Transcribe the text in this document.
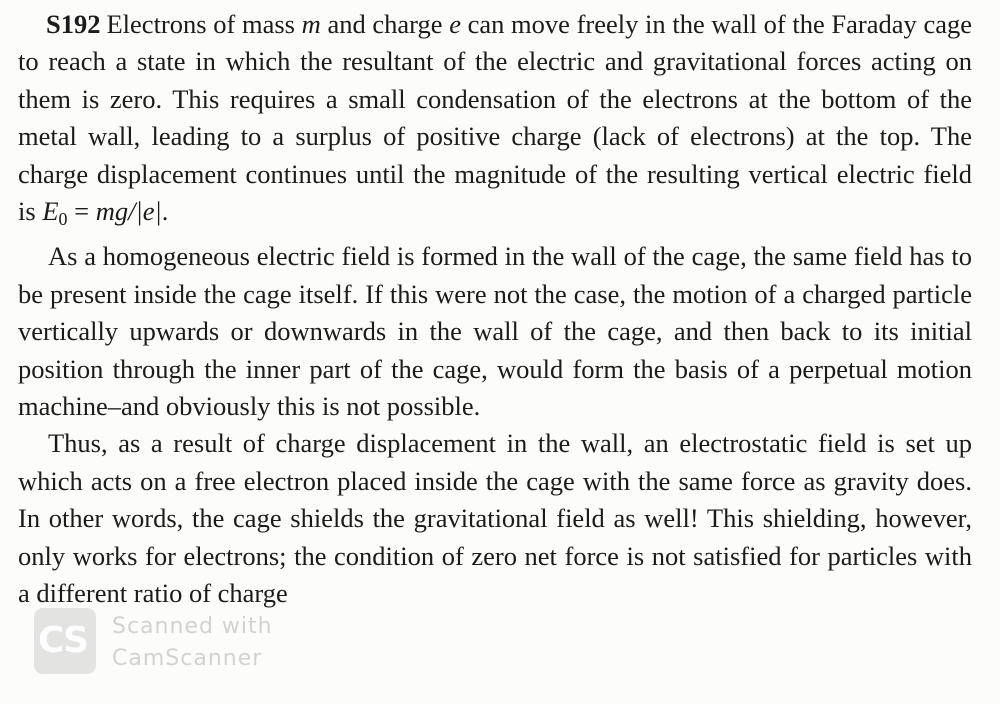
S192 Electrons of mass m and charge e can move freely in the wall of the Faraday cage to reach a state in which the resultant of the electric and gravitational forces acting on them is zero. This requires a small condensation of the electrons at the bottom of the metal wall, leading to a surplus of positive charge (lack of electrons) at the top. The charge displacement continues until the magnitude of the resulting vertical electric field is $E_0 = mg/|e|$.

As a homogeneous electric field is formed in the wall of the cage, the same field has to be present inside the cage itself. If this were not the case, the motion of a charged particle vertically upwards or downwards in the wall of the cage, and then back to its initial position through the inner part of the cage, would form the basis of a perpetual motion machine–and obviously this is not possible.

Thus, as a result of charge displacement in the wall, an electrostatic field is set up which acts on a free electron placed inside the cage with the same force as gravity does. In other words, the cage shields the gravitational field as well! This shielding, however, only works for electrons; the condition of zero net force is not satisfied for particles with a different ratio of charge

CS Scanned with
CamScanner
